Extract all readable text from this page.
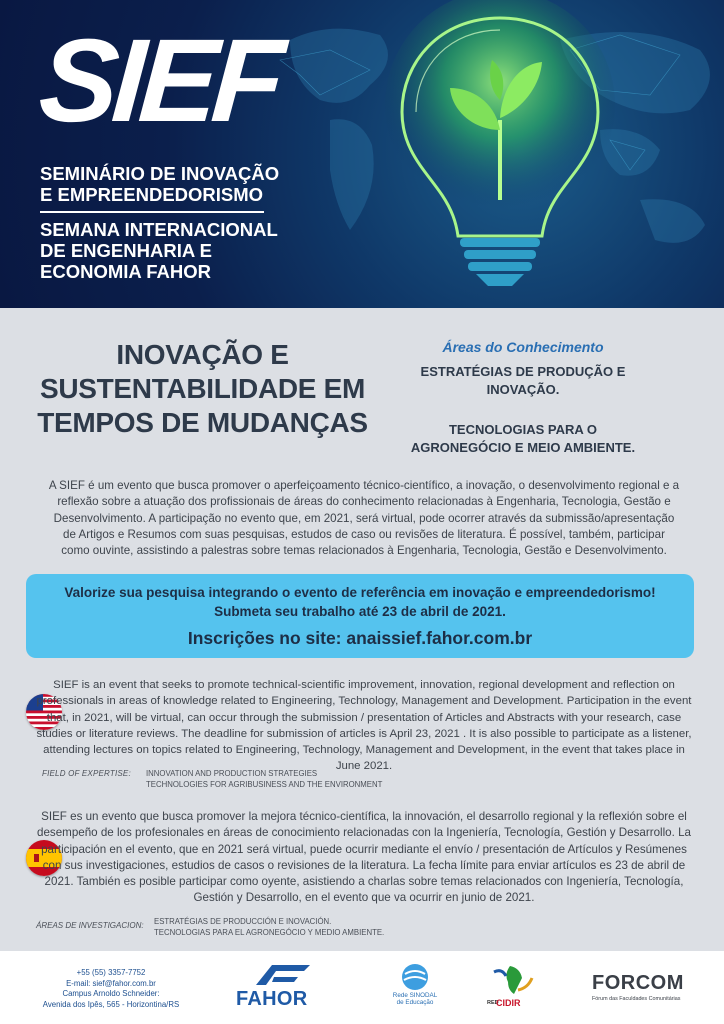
SIEF
SEMINÁRIO DE INOVAÇÃO
E EMPREENDEDORISMO
SEMANA INTERNACIONAL
DE ENGENHARIA E
ECONOMIA FAHOR
INOVAÇÃO E
SUSTENTABILIDADE EM
TEMPOS DE MUDANÇAS
Áreas do Conhecimento
ESTRATÉGIAS DE PRODUÇÃO E
INOVAÇÃO.
TECNOLOGIAS PARA O
AGRONEGÓCIO E MEIO AMBIENTE.
A SIEF é um evento que busca promover o aperfeiçoamento técnico-científico, a inovação, o desenvolvimento regional e a reflexão sobre a atuação dos profissionais de áreas do conhecimento relacionadas à Engenharia, Tecnologia, Gestão e Desenvolvimento. A participação no evento que, em 2021, será virtual, pode ocorrer através da submissão/apresentação de Artigos e Resumos com suas pesquisas, estudos de caso ou revisões de literatura. É possível, também, participar como ouvinte, assistindo a palestras sobre temas relacionados à Engenharia, Tecnologia, Gestão e Desenvolvimento.
Valorize sua pesquisa integrando o evento de referência em inovação e empreendedorismo!
Submeta seu trabalho até 23 de abril de 2021.
Inscrições no site: anaissief.fahor.com.br
SIEF is an event that seeks to promote technical-scientific improvement, innovation, regional development and reflection on professionals in areas of knowledge related to Engineering, Technology, Management and Development. Participation in the event that, in 2021, will be virtual, can occur through the submission / presentation of Articles and Abstracts with your research, case studies or literature reviews. The deadline for submission of articles is April 23, 2021 . It is also possible to participate as a listener, attending lectures on topics related to Engineering, Technology, Management and Development, in the event that takes place in June 2021.
FIELD OF EXPERTISE: INNOVATION AND PRODUCTION STRATEGIES
TECHNOLOGIES FOR AGRIBUSINESS AND THE ENVIRONMENT
SIEF es un evento que busca promover la mejora técnico-científica, la innovación, el desarrollo regional y la reflexión sobre el desempeño de los profesionales en áreas de conocimiento relacionadas con la Ingeniería, Tecnología, Gestión y Desarrollo. La participación en el evento, que en 2021 será virtual, puede ocurrir mediante el envío / presentación de Artículos y Resúmenes con sus investigaciones, estudios de casos o revisiones de la literatura. La fecha límite para enviar artículos es 23 de abril de 2021. También es posible participar como oyente, asistiendo a charlas sobre temas relacionados con Ingeniería, Tecnología, Gestión y Desarrollo, en el evento que va ocurrir en junio de 2021.
ÁREAS DE INVESTIGACION: ESTRATÉGIAS DE PRODUCCIÓN E INOVACIÓN.
TECNOLOGIAS PARA EL AGRONEGÓCIO Y MEDIO AMBIENTE.
+55 (55) 3357-7752
E-mail: sief@fahor.com.br
Campus Arnoldo Schneider:
Avenida dos Ipês, 565 - Horizontina/RS	FAHOR	Rede SINODAL
de Educação	RED
CIDIR
FORCOM
Fórum das Faculdades Comunitárias
